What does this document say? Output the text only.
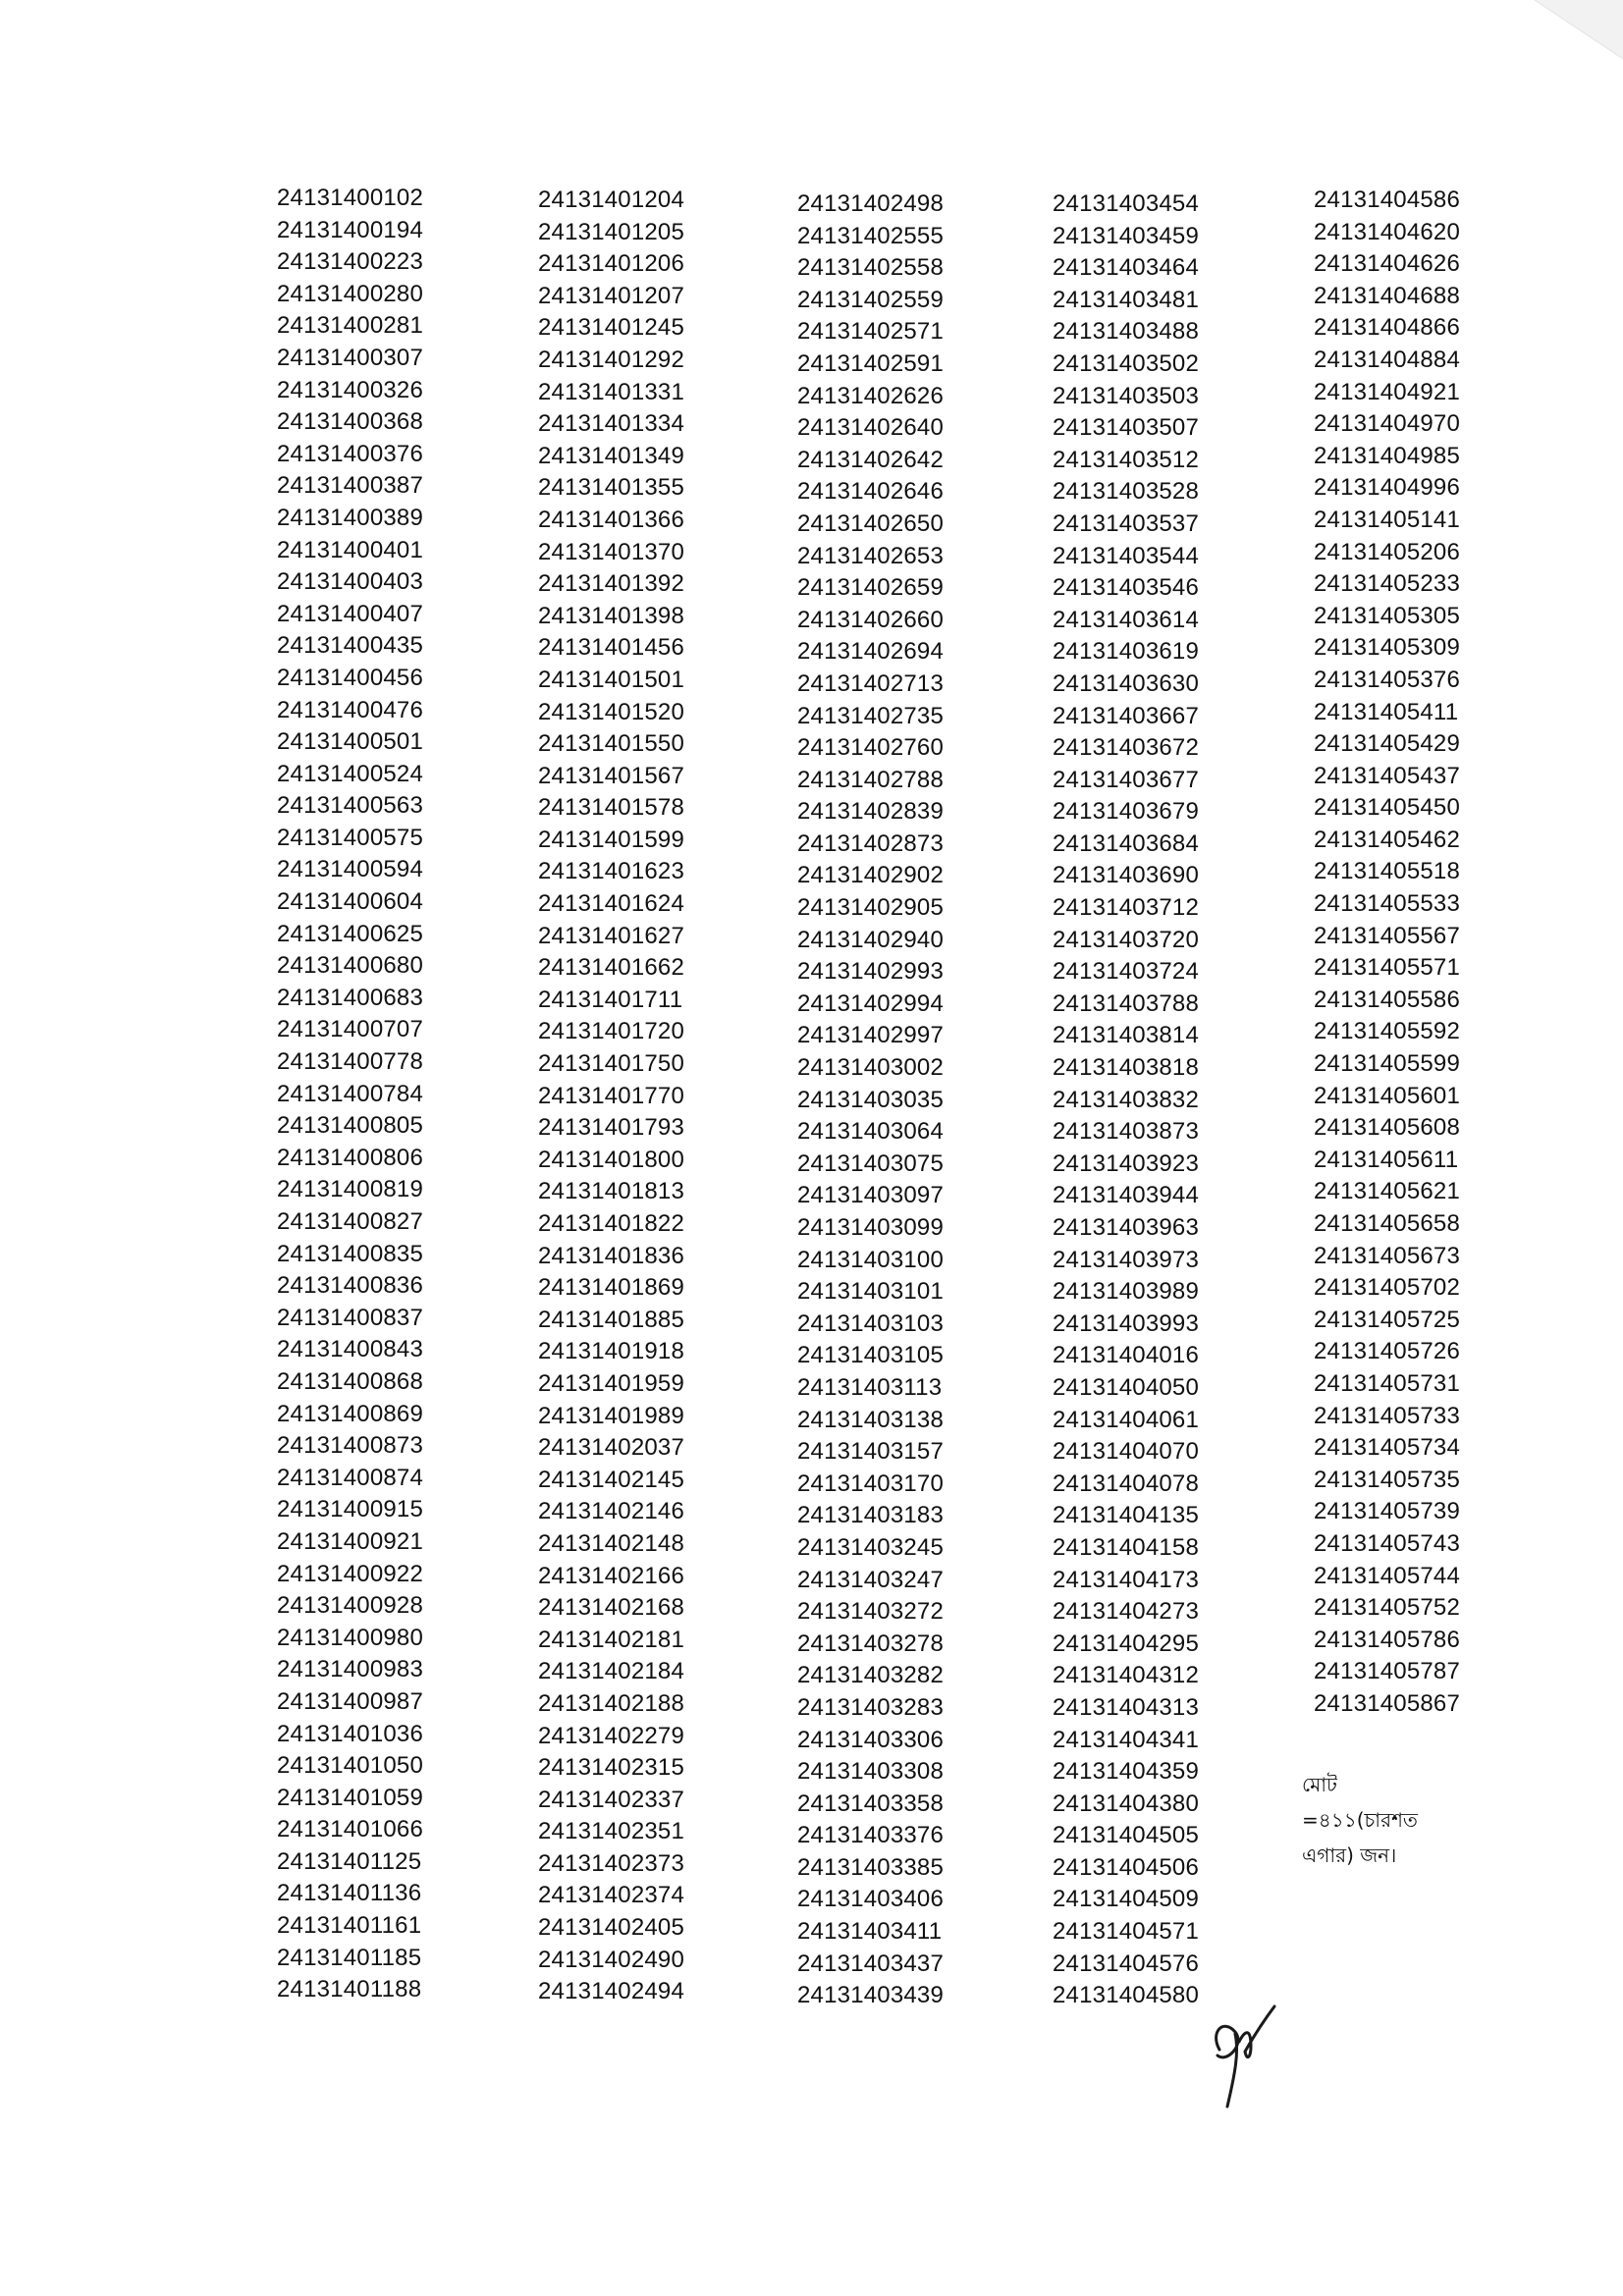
24131400102
24131400194
24131400223
24131400280
24131400281
24131400307
24131400326
24131400368
24131400376
24131400387
24131400389
24131400401
24131400403
24131400407
24131400435
24131400456
24131400476
24131400501
24131400524
24131400563
24131400575
24131400594
24131400604
24131400625
24131400680
24131400683
24131400707
24131400778
24131400784
24131400805
24131400806
24131400819
24131400827
24131400835
24131400836
24131400837
24131400843
24131400868
24131400869
24131400873
24131400874
24131400915
24131400921
24131400922
24131400928
24131400980
24131400983
24131400987
24131401036
24131401050
24131401059
24131401066
24131401125
24131401136
24131401161
24131401185
24131401188
24131401204
24131401205
24131401206
24131401207
24131401245
24131401292
24131401331
24131401334
24131401349
24131401355
24131401366
24131401370
24131401392
24131401398
24131401456
24131401501
24131401520
24131401550
24131401567
24131401578
24131401599
24131401623
24131401624
24131401627
24131401662
24131401711
24131401720
24131401750
24131401770
24131401793
24131401800
24131401813
24131401822
24131401836
24131401869
24131401885
24131401918
24131401959
24131401989
24131402037
24131402145
24131402146
24131402148
24131402166
24131402168
24131402181
24131402184
24131402188
24131402279
24131402315
24131402337
24131402351
24131402373
24131402374
24131402405
24131402490
24131402494
24131402498
24131402555
24131402558
24131402559
24131402571
24131402591
24131402626
24131402640
24131402642
24131402646
24131402650
24131402653
24131402659
24131402660
24131402694
24131402713
24131402735
24131402760
24131402788
24131402839
24131402873
24131402902
24131402905
24131402940
24131402993
24131402994
24131402997
24131403002
24131403035
24131403064
24131403075
24131403097
24131403099
24131403100
24131403101
24131403103
24131403105
24131403113
24131403138
24131403157
24131403170
24131403183
24131403245
24131403247
24131403272
24131403278
24131403282
24131403283
24131403306
24131403308
24131403358
24131403376
24131403385
24131403406
24131403411
24131403437
24131403439
24131403454
24131403459
24131403464
24131403481
24131403488
24131403502
24131403503
24131403507
24131403512
24131403528
24131403537
24131403544
24131403546
24131403614
24131403619
24131403630
24131403667
24131403672
24131403677
24131403679
24131403684
24131403690
24131403712
24131403720
24131403724
24131403788
24131403814
24131403818
24131403832
24131403873
24131403923
24131403944
24131403963
24131403973
24131403989
24131403993
24131404016
24131404050
24131404061
24131404070
24131404078
24131404135
24131404158
24131404173
24131404273
24131404295
24131404312
24131404313
24131404341
24131404359
24131404380
24131404505
24131404506
24131404509
24131404571
24131404576
24131404580
24131404586
24131404620
24131404626
24131404688
24131404866
24131404884
24131404921
24131404970
24131404985
24131404996
24131405141
24131405206
24131405233
24131405305
24131405309
24131405376
24131405411
24131405429
24131405437
24131405450
24131405462
24131405518
24131405533
24131405567
24131405571
24131405586
24131405592
24131405599
24131405601
24131405608
24131405611
24131405621
24131405658
24131405673
24131405702
24131405725
24131405726
24131405731
24131405733
24131405734
24131405735
24131405739
24131405743
24131405744
24131405752
24131405786
24131405787
24131405867
মোট
=৪১১(চারশত
এগার) জন।
